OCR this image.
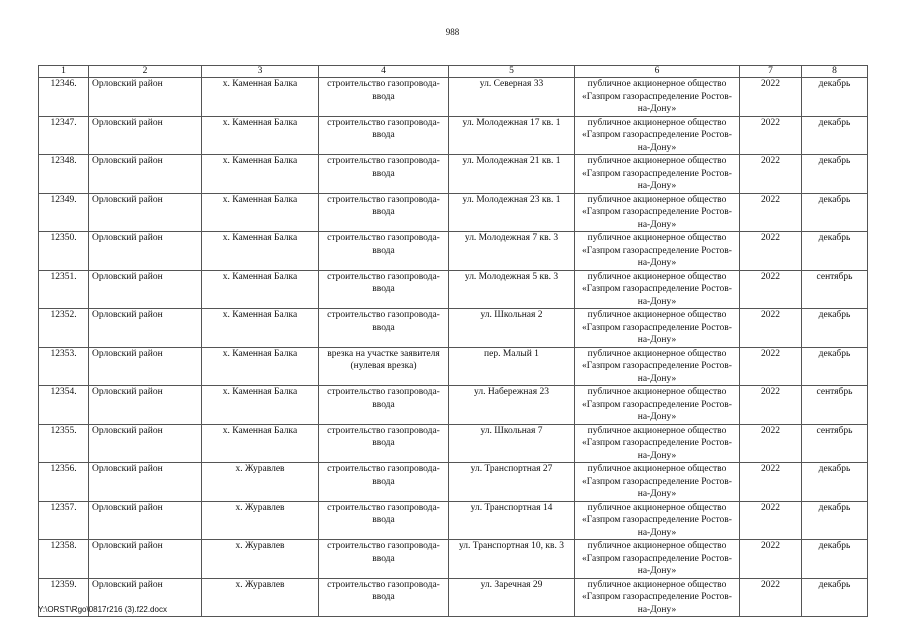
988
1	2	3	4	5	6	7	8
12346.	Орловский район	х. Каменная Балка	строительство газопровода-ввода	ул. Северная 33	публичное акционерное общество «Газпром газораспределение Ростов-на-Дону»	2022	декабрь
12347.	Орловский район	х. Каменная Балка	строительство газопровода-ввода	ул. Молодежная 17 кв. 1	публичное акционерное общество «Газпром газораспределение Ростов-на-Дону»	2022	декабрь
12348.	Орловский район	х. Каменная Балка	строительство газопровода-ввода	ул. Молодежная 21 кв. 1	публичное акционерное общество «Газпром газораспределение Ростов-на-Дону»	2022	декабрь
12349.	Орловский район	х. Каменная Балка	строительство газопровода-ввода	ул. Молодежная 23 кв. 1	публичное акционерное общество «Газпром газораспределение Ростов-на-Дону»	2022	декабрь
12350.	Орловский район	х. Каменная Балка	строительство газопровода-ввода	ул. Молодежная 7 кв. 3	публичное акционерное общество «Газпром газораспределение Ростов-на-Дону»	2022	декабрь
12351.	Орловский район	х. Каменная Балка	строительство газопровода-ввода	ул. Молодежная 5 кв. 3	публичное акционерное общество «Газпром газораспределение Ростов-на-Дону»	2022	сентябрь
12352.	Орловский район	х. Каменная Балка	строительство газопровода-ввода	ул. Школьная 2	публичное акционерное общество «Газпром газораспределение Ростов-на-Дону»	2022	декабрь
12353.	Орловский район	х. Каменная Балка	врезка на участке заявителя (нулевая врезка)	пер. Малый 1	публичное акционерное общество «Газпром газораспределение Ростов-на-Дону»	2022	декабрь
12354.	Орловский район	х. Каменная Балка	строительство газопровода-ввода	ул. Набережная 23	публичное акционерное общество «Газпром газораспределение Ростов-на-Дону»	2022	сентябрь
12355.	Орловский район	х. Каменная Балка	строительство газопровода-ввода	ул. Школьная 7	публичное акционерное общество «Газпром газораспределение Ростов-на-Дону»	2022	сентябрь
12356.	Орловский район	х. Журавлев	строительство газопровода-ввода	ул. Транспортная 27	публичное акционерное общество «Газпром газораспределение Ростов-на-Дону»	2022	декабрь
12357.	Орловский район	х. Журавлев	строительство газопровода-ввода	ул. Транспортная 14	публичное акционерное общество «Газпром газораспределение Ростов-на-Дону»	2022	декабрь
12358.	Орловский район	х. Журавлев	строительство газопровода-ввода	ул. Транспортная 10, кв. 3	публичное акционерное общество «Газпром газораспределение Ростов-на-Дону»	2022	декабрь
12359.	Орловский район	х. Журавлев	строительство газопровода-ввода	ул. Заречная 29	публичное акционерное общество «Газпром газораспределение Ростов-на-Дону»	2022	декабрь
Y:\ORST\Rgo\0817r216 (3).f22.docx
